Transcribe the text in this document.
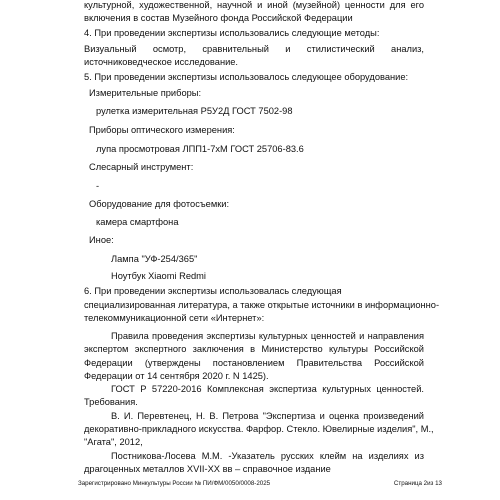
культурной, художественной, научной и иной (музейной) ценности для его

включения в состав Музейного фонда Российской Федерации

4. При проведении экспертизы использовались следующие методы:

Визуальный осмотр, сравнительный и стилистический анализ,

источниковедческое исследование.

5. При проведении экспертизы использовалось следующее оборудование:

Измерительные приборы:

рулетка измерительная Р5У2Д ГОСТ 7502-98

Приборы оптического измерения:

лупа просмотровая ЛПП1-7хМ ГОСТ 25706-83.6

Слесарный инструмент:

-

Оборудование для фотосъемки:

камера смартфона

Иное:

Лампа "УФ-254/365"

Ноутбук Xiaomi Redmi

6. При проведении экспертизы использовалась следующая

специализированная литература, а также открытые источники в информационно-

телекоммуникационной сети «Интернет»:

Правила проведения экспертизы культурных ценностей и направления

экспертом экспертного заключения в Министерство культуры Российской

Федерации (утверждены постановлением Правительства Российской

Федерации от 14 сентября 2020 г. N 1425).

ГОСТ Р 57220-2016 Комплексная экспертиза культурных ценностей.

Требования.

В. И. Перевтенец, Н. В. Петрова "Экспертиза и оценка произведений

декоративно-прикладного искусства. Фарфор. Стекло. Ювелирные изделия", М.,

"Агата", 2012,

Постникова-Лосева М.М. -Указатель русских клейм на изделиях из

драгоценных металлов XVII-XX вв – справочное издание

Зарегистрировано Минкультуры России № ПИ/ФМ/0050/0008-2025	Страница 2из 13
